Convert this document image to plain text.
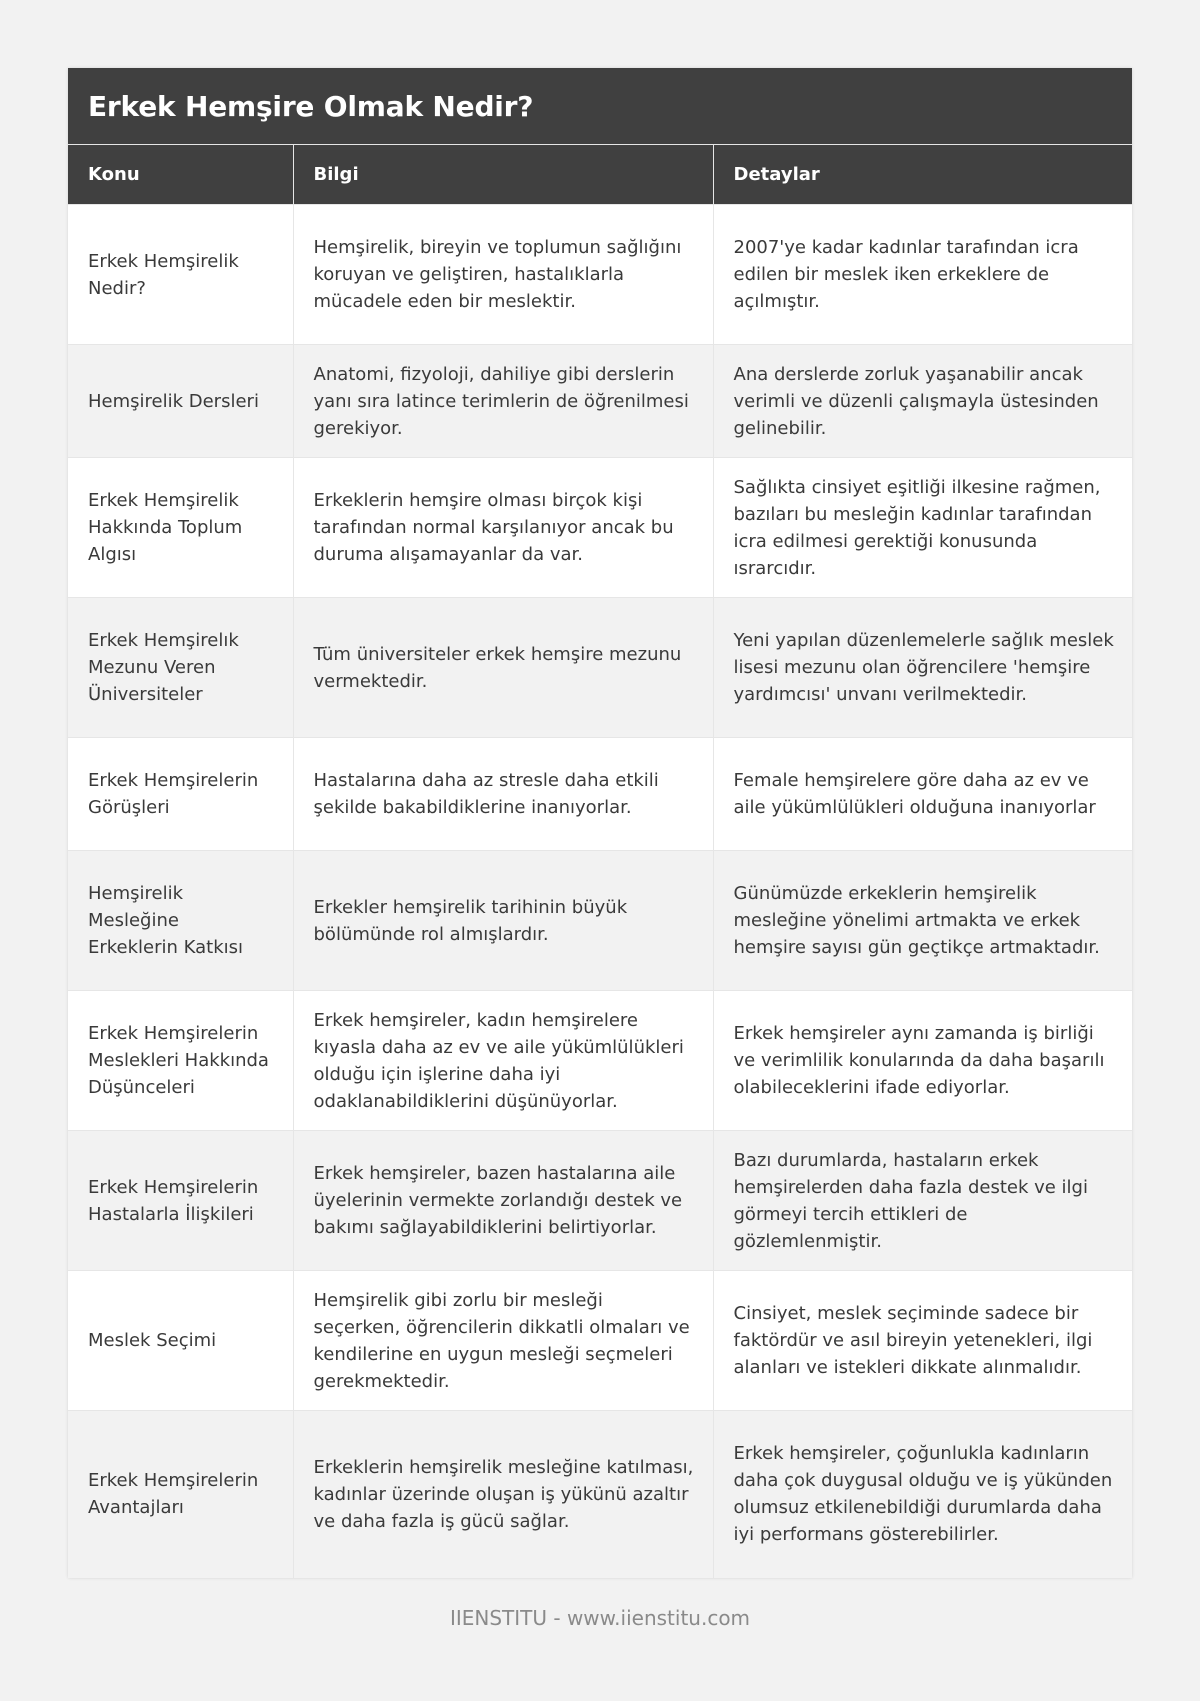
Erkek Hemşire Olmak Nedir?
Konu	Bilgi	Detaylar
Erkek Hemşirelik Nedir?	Hemşirelik, bireyin ve toplumun sağlığını koruyan ve geliştiren, hastalıklarla mücadele eden bir meslektir.	2007'ye kadar kadınlar tarafından icra edilen bir meslek iken erkeklere de açılmıştır.
Hemşirelik Dersleri	Anatomi, fizyoloji, dahiliye gibi derslerin yanı sıra latince terimlerin de öğrenilmesi gerekiyor.	Ana derslerde zorluk yaşanabilir ancak verimli ve düzenli çalışmayla üstesinden gelinebilir.
Erkek Hemşirelik Hakkında Toplum Algısı	Erkeklerin hemşire olması birçok kişi tarafından normal karşılanıyor ancak bu duruma alışamayanlar da var.	Sağlıkta cinsiyet eşitliği ilkesine rağmen, bazıları bu mesleğin kadınlar tarafından icra edilmesi gerektiği konusunda ısrarcıdır.
Erkek Hemşirelık Mezunu Veren Üniversiteler	Tüm üniversiteler erkek hemşire mezunu vermektedir.	Yeni yapılan düzenlemelerle sağlık meslek lisesi mezunu olan öğrencilere 'hemşire yardımcısı' unvanı verilmektedir.
Erkek Hemşirelerin Görüşleri	Hastalarına daha az stresle daha etkili şekilde bakabildiklerine inanıyorlar.	Female hemşirelere göre daha az ev ve aile yükümlülükleri olduğuna inanıyorlar
Hemşirelik Mesleğine Erkeklerin Katkısı	Erkekler hemşirelik tarihinin büyük bölümünde rol almışlardır.	Günümüzde erkeklerin hemşirelik mesleğine yönelimi artmakta ve erkek hemşire sayısı gün geçtikçe artmaktadır.
Erkek Hemşirelerin Meslekleri Hakkında Düşünceleri	Erkek hemşireler, kadın hemşirelere kıyasla daha az ev ve aile yükümlülükleri olduğu için işlerine daha iyi odaklanabildiklerini düşünüyorlar.	Erkek hemşireler aynı zamanda iş birliği ve verimlilik konularında da daha başarılı olabileceklerini ifade ediyorlar.
Erkek Hemşirelerin Hastalarla İlişkileri	Erkek hemşireler, bazen hastalarına aile üyelerinin vermekte zorlandığı destek ve bakımı sağlayabildiklerini belirtiyorlar.	Bazı durumlarda, hastaların erkek hemşirelerden daha fazla destek ve ilgi görmeyi tercih ettikleri de gözlemlenmiştir.
Meslek Seçimi	Hemşirelik gibi zorlu bir mesleği seçerken, öğrencilerin dikkatli olmaları ve kendilerine en uygun mesleği seçmeleri gerekmektedir.	Cinsiyet, meslek seçiminde sadece bir faktördür ve asıl bireyin yetenekleri, ilgi alanları ve istekleri dikkate alınmalıdır.
Erkek Hemşirelerin Avantajları	Erkeklerin hemşirelik mesleğine katılması, kadınlar üzerinde oluşan iş yükünü azaltır ve daha fazla iş gücü sağlar.	Erkek hemşireler, çoğunlukla kadınların daha çok duygusal olduğu ve iş yükünden olumsuz etkilenebildiği durumlarda daha iyi performans gösterebilirler.
IIENSTITU - www.iienstitu.com
